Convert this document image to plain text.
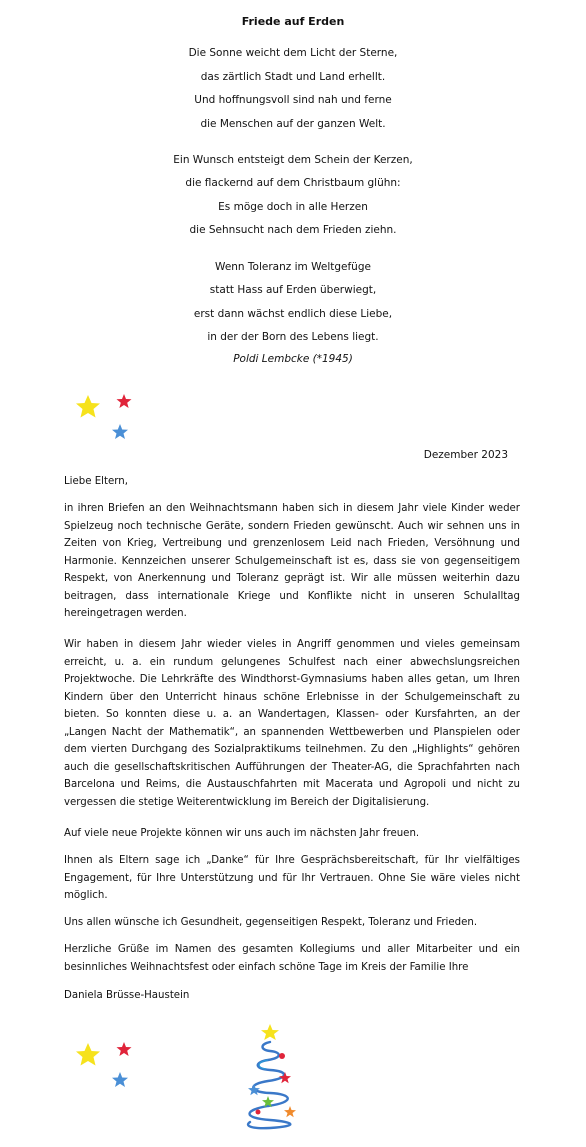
Friede auf Erden
Die Sonne weicht dem Licht der Sterne,
das zärtlich Stadt und Land erhellt.
Und hoffnungsvoll sind nah und ferne
die Menschen auf der ganzen Welt.
Ein Wunsch entsteigt dem Schein der Kerzen,
die flackernd auf dem Christbaum glühn:
Es möge doch in alle Herzen
die Sehnsucht nach dem Frieden ziehn.
Wenn Toleranz im Weltgefüge
statt Hass auf Erden überwiegt,
erst dann wächst endlich diese Liebe,
in der der Born des Lebens liegt.
Poldi Lembcke (*1945)
Dezember 2023
Liebe Eltern,

in ihren Briefen an den Weihnachtsmann haben sich in diesem Jahr viele Kinder weder Spielzeug noch technische Geräte, sondern Frieden gewünscht. Auch wir sehnen uns in Zeiten von Krieg, Vertreibung und grenzenlosem Leid nach Frieden, Versöhnung und Harmonie. Kennzeichen unserer Schulgemeinschaft ist es, dass sie von gegenseitigem Respekt, von Anerkennung und Toleranz geprägt ist. Wir alle müssen weiterhin dazu beitragen, dass internationale Kriege und Konflikte nicht in unseren Schulalltag hereingetragen werden.

Wir haben in diesem Jahr wieder vieles in Angriff genommen und vieles gemeinsam erreicht, u. a. ein rundum gelungenes Schulfest nach einer abwechslungsreichen Projektwoche. Die Lehrkräfte des Windthorst-Gymnasiums haben alles getan, um Ihren Kindern über den Unterricht hinaus schöne Erlebnisse in der Schulgemeinschaft zu bieten. So konnten diese u. a. an Wandertagen, Klassen- oder Kursfahrten, an der „Langen Nacht der Mathematik“, an spannenden Wettbewerben und Planspielen oder dem vierten Durchgang des Sozialpraktikums teilnehmen. Zu den „Highlights“ gehören auch die gesellschaftskritischen Aufführungen der Theater-AG, die Sprachfahrten nach Barcelona und Reims, die Austauschfahrten mit Macerata und Agropoli und nicht zu vergessen die stetige Weiterentwicklung im Bereich der Digitalisierung.

Auf viele neue Projekte können wir uns auch im nächsten Jahr freuen.

Ihnen als Eltern sage ich „Danke“ für Ihre Gesprächsbereitschaft, für Ihr vielfältiges Engagement, für Ihre Unterstützung und für Ihr Vertrauen. Ohne Sie wäre vieles nicht möglich.

Uns allen wünsche ich Gesundheit, gegenseitigen Respekt, Toleranz und Frieden.

Herzliche Grüße im Namen des gesamten Kollegiums und aller Mitarbeiter und ein besinnliches Weihnachtsfest oder einfach schöne Tage im Kreis der Familie Ihre

Daniela Brüsse-Haustein
